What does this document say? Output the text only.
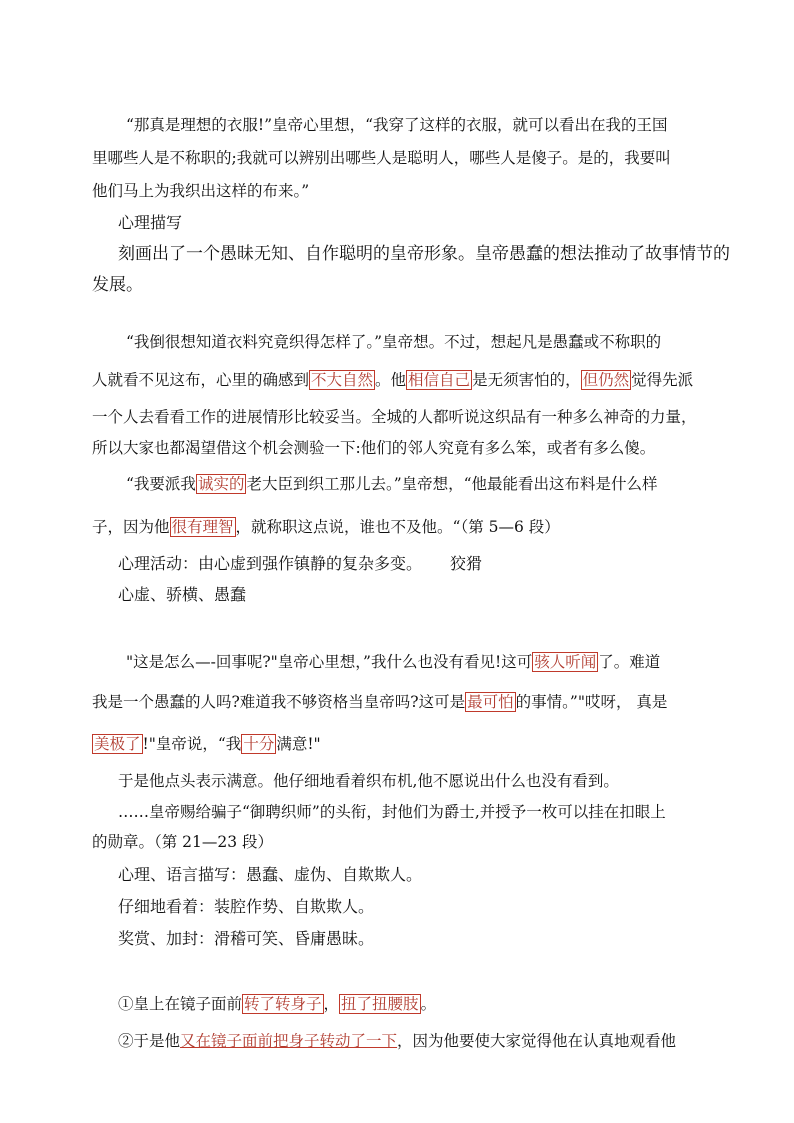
“那真是理想的衣服!”皇帝心里想，“我穿了这样的衣服，就可以看出在我的王国
里哪些人是不称职的;我就可以辨别出哪些人是聪明人，哪些人是傻子。是的，我要叫
他们马上为我织出这样的布来。”
心理描写
刻画出了一个愚昧无知、自作聪明的皇帝形象。皇帝愚蠢的想法推动了故事情节的
发展。
“我倒很想知道衣料究竟织得怎样了。”皇帝想。不过，想起凡是愚蠢或不称职的
人就看不见这布，心里的确感到 不大自然 。他 相信自己 是无须害怕的， 但仍然 觉得先派
一个人去看看工作的进展情形比较妥当。全城的人都听说这织品有一种多么神奇的力量，
所以大家也都渴望借这个机会测验一下:他们的邻人究竟有多么笨，或者有多么傻。
“我要派我 诚实的 老大臣到织工那儿去。”皇帝想，“他最能看出这布料是什么样
子，因为他 很有理智 ，就称职这点说，谁也不及他。“（第 5—6 段）
心理活动：由心虚到强作镇静的复杂多变。 狡猾
心虚、骄横、愚蠢
"这是怎么—-回事呢?"皇帝心里想，”我什么也没有看见!这可 骇人听闻 了。难道
我是一个愚蠢的人吗?难道我不够资格当皇帝吗?这可是 最可怕 的事情。”"哎呀， 真是
美极了 !"皇帝说，“我 十分 满意!"
于是他点头表示满意。他仔细地看着织布机,他不愿说出什么也没有看到。
……皇帝赐给骗子“御聘织师”的头衔，封他们为爵士,并授予一枚可以挂在扣眼上
的勋章。（第 21—23 段）
心理、语言描写：愚蠢、虚伪、自欺欺人。
仔细地看着：装腔作势、自欺欺人。
奖赏、加封：滑稽可笑、昏庸愚昧。
①皇上在镜子面前 转了转身子 ， 扭了扭腰肢 。
②于是他又在镜子面前把身子转动了一下，因为他要使大家觉得他在认真地观看他
